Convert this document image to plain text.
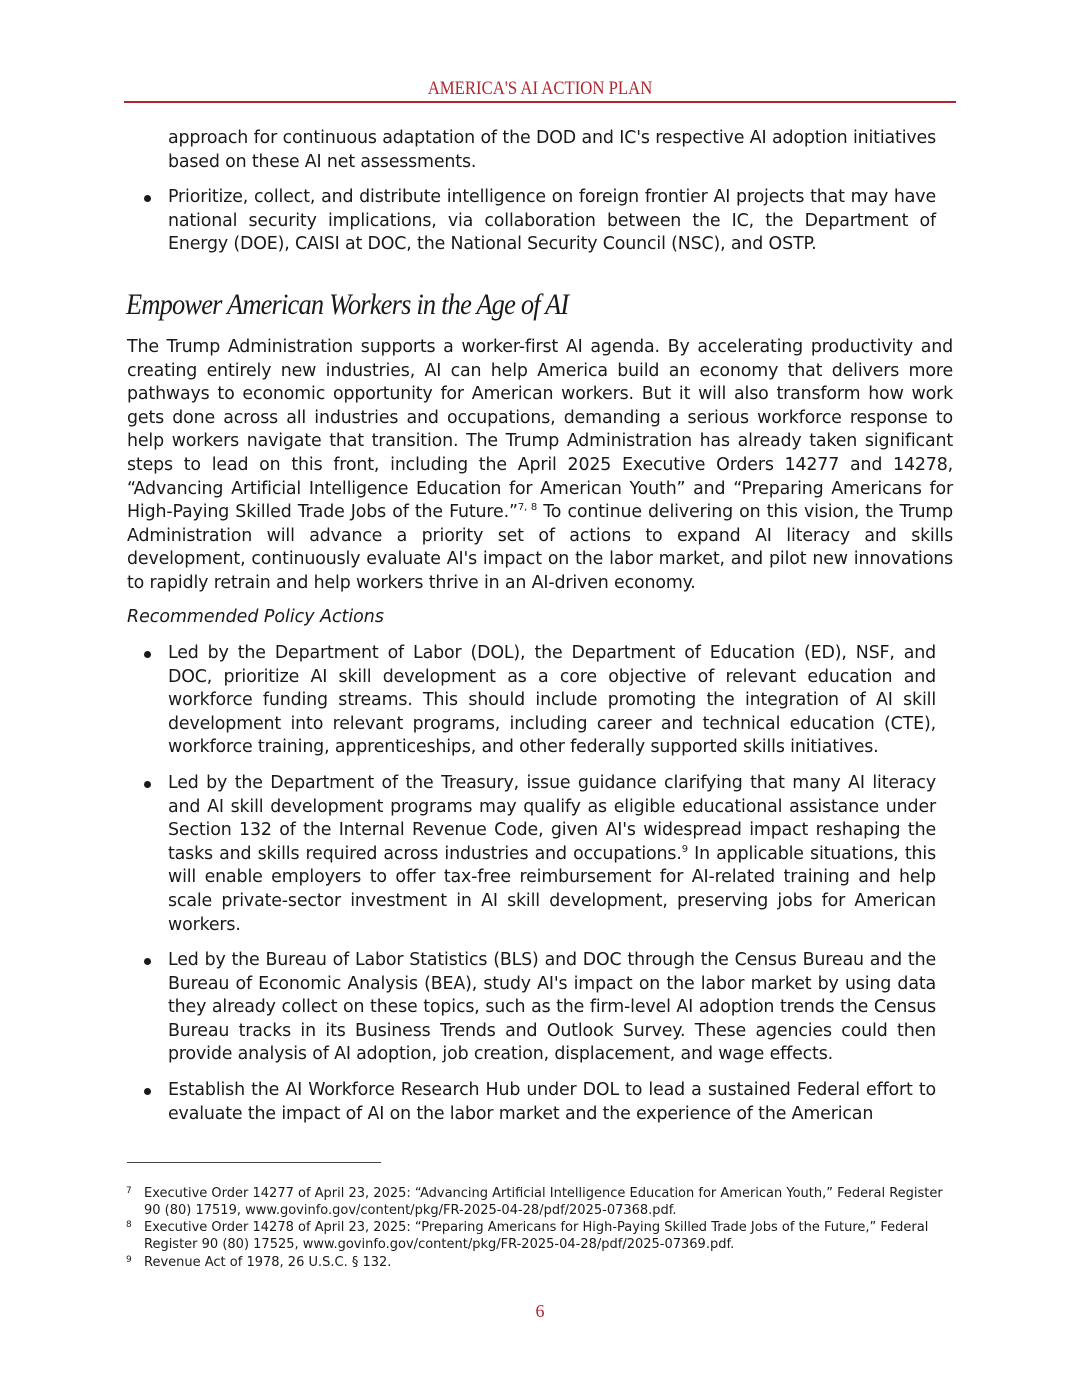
AMERICA'S AI ACTION PLAN
approach for continuous adaptation of the DOD and IC's respective AI adoption initiatives based on these AI net assessments.
Prioritize, collect, and distribute intelligence on foreign frontier AI projects that may have national security implications, via collaboration between the IC, the Department of Energy (DOE), CAISI at DOC, the National Security Council (NSC), and OSTP.
Empower American Workers in the Age of AI
The Trump Administration supports a worker-first AI agenda. By accelerating productivity and creating entirely new industries, AI can help America build an economy that delivers more pathways to economic opportunity for American workers. But it will also transform how work gets done across all industries and occupations, demanding a serious workforce response to help workers navigate that transition. The Trump Administration has already taken significant steps to lead on this front, including the April 2025 Executive Orders 14277 and 14278, “Advancing Artificial Intelligence Education for American Youth” and “Preparing Americans for High-Paying Skilled Trade Jobs of the Future.”$^{7, 8}$ To continue delivering on this vision, the Trump Administration will advance a priority set of actions to expand AI literacy and skills development, continuously evaluate AI's impact on the labor market, and pilot new innovations to rapidly retrain and help workers thrive in an AI-driven economy.
Recommended Policy Actions
Led by the Department of Labor (DOL), the Department of Education (ED), NSF, and DOC, prioritize AI skill development as a core objective of relevant education and workforce funding streams. This should include promoting the integration of AI skill development into relevant programs, including career and technical education (CTE), workforce training, apprenticeships, and other federally supported skills initiatives.
Led by the Department of the Treasury, issue guidance clarifying that many AI literacy and AI skill development programs may qualify as eligible educational assistance under Section 132 of the Internal Revenue Code, given AI's widespread impact reshaping the tasks and skills required across industries and occupations.$^9$ In applicable situations, this will enable employers to offer tax-free reimbursement for AI-related training and help scale private-sector investment in AI skill development, preserving jobs for American workers.
Led by the Bureau of Labor Statistics (BLS) and DOC through the Census Bureau and the Bureau of Economic Analysis (BEA), study AI's impact on the labor market by using data they already collect on these topics, such as the firm-level AI adoption trends the Census Bureau tracks in its Business Trends and Outlook Survey. These agencies could then provide analysis of AI adoption, job creation, displacement, and wage effects.
Establish the AI Workforce Research Hub under DOL to lead a sustained Federal effort to evaluate the impact of AI on the labor market and the experience of the American
7 Executive Order 14277 of April 23, 2025: “Advancing Artificial Intelligence Education for American Youth,” Federal Register 90 (80) 17519, www.govinfo.gov/content/pkg/FR-2025-04-28/pdf/2025-07368.pdf.
8 Executive Order 14278 of April 23, 2025: “Preparing Americans for High-Paying Skilled Trade Jobs of the Future,” Federal Register 90 (80) 17525, www.govinfo.gov/content/pkg/FR-2025-04-28/pdf/2025-07369.pdf.
9 Revenue Act of 1978, 26 U.S.C. § 132.
6
